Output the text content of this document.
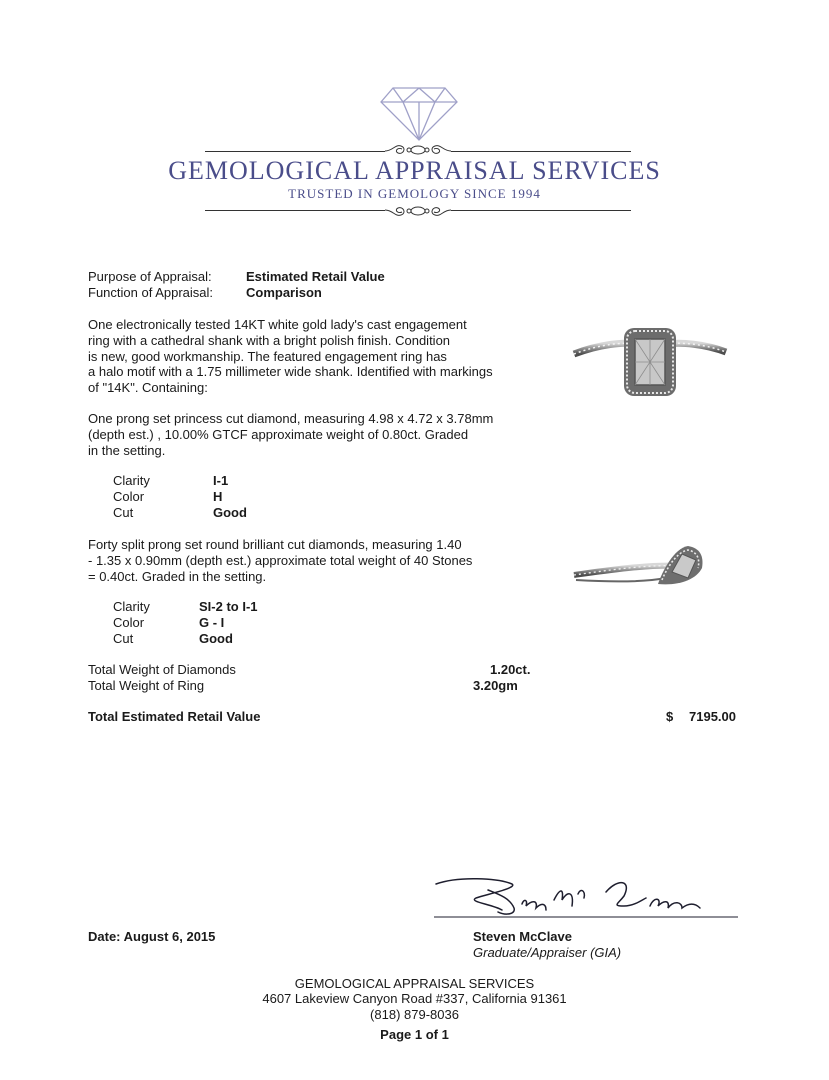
GEMOLOGICAL APPRAISAL SERVICES
TRUSTED IN GEMOLOGY SINCE 1994
Purpose of Appraisal:	Estimated Retail Value
Function of Appraisal:	Comparison
One electronically tested 14KT white gold lady's cast engagement
ring with a cathedral shank with a bright polish finish. Condition
is new, good workmanship. The featured engagement ring has
a halo motif with a 1.75 millimeter wide shank. Identified with markings
of "14K". Containing:
One prong set princess cut diamond, measuring 4.98 x 4.72 x 3.78mm
(depth est.) , 10.00% GTCF approximate weight of 0.80ct. Graded
in the setting.
Clarity	I-1
Color	H
Cut	Good
Forty split prong set round brilliant cut diamonds, measuring 1.40
- 1.35 x 0.90mm (depth est.) approximate total weight of 40 Stones
= 0.40ct. Graded in the setting.
Clarity	SI-2 to I-1
Color	G - I
Cut	Good
Total Weight of Diamonds	1.20ct.
Total Weight of Ring	3.20gm
Total Estimated Retail Value	$ 7195.00
Date: August 6, 2015	Steven McClave
Graduate/Appraiser (GIA)
GEMOLOGICAL APPRAISAL SERVICES
4607 Lakeview Canyon Road #337, California 91361
(818) 879-8036
Page 1 of 1
